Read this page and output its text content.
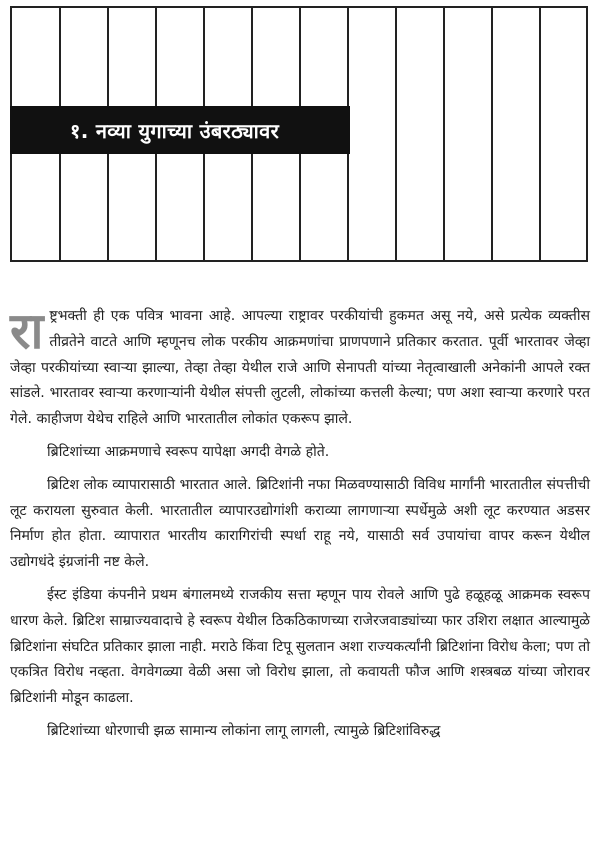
१. नव्या युगाच्या उंबरठ्यावर

राष्ट्रभक्ती ही एक पवित्र भावना आहे. आपल्या राष्ट्रावर परकीयांची हुकमत असू नये, असे प्रत्येक व्यक्तीस तीव्रतेने वाटते आणि म्हणूनच लोक परकीय आक्रमणांचा प्राणपणाने प्रतिकार करतात. पूर्वी भारतावर जेव्हा जेव्हा परकीयांच्या स्वाऱ्या झाल्या, तेव्हा तेव्हा येथील राजे आणि सेनापती यांच्या नेतृत्वाखाली अनेकांनी आपले रक्त सांडले. भारतावर स्वाऱ्या करणाऱ्यांनी येथील संपत्ती लुटली, लोकांच्या कत्तली केल्या; पण अशा स्वाऱ्या करणारे परत गेले. काहीजण येथेच राहिले आणि भारतातील लोकांत एकरूप झाले.

ब्रिटिशांच्या आक्रमणाचे स्वरूप यापेक्षा अगदी वेगळे होते.

ब्रिटिश लोक व्यापारासाठी भारतात आले. ब्रिटिशांनी नफा मिळवण्यासाठी विविध मार्गांनी भारतातील संपत्तीची लूट करायला सुरुवात केली. भारतातील व्यापारउद्योगांशी कराव्या लागणाऱ्या स्पर्धेमुळे अशी लूट करण्यात अडसर निर्माण होत होता. व्यापारात भारतीय कारागिरांची स्पर्धा राहू नये, यासाठी सर्व उपायांचा वापर करून येथील उद्योगधंदे इंग्रजांनी नष्ट केले.

ईस्ट इंडिया कंपनीने प्रथम बंगालमध्ये राजकीय सत्ता म्हणून पाय रोवले आणि पुढे हळूहळू आक्रमक स्वरूप धारण केले. ब्रिटिश साम्राज्यवादाचे हे स्वरूप येथील ठिकठिकाणच्या राजेरजवाड्यांच्या फार उशिरा लक्षात आल्यामुळे ब्रिटिशांना संघटित प्रतिकार झाला नाही. मराठे किंवा टिपू सुलतान अशा राज्यकर्त्यांनी ब्रिटिशांना विरोध केला; पण तो एकत्रित विरोध नव्हता. वेगवेगळ्या वेळी असा जो विरोध झाला, तो कवायती फौज आणि शस्त्रबळ यांच्या जोरावर ब्रिटिशांनी मोडून काढला.

ब्रिटिशांच्या धोरणाची झळ सामान्य लोकांना लागू लागली, त्यामुळे ब्रिटिशांविरुद्ध
